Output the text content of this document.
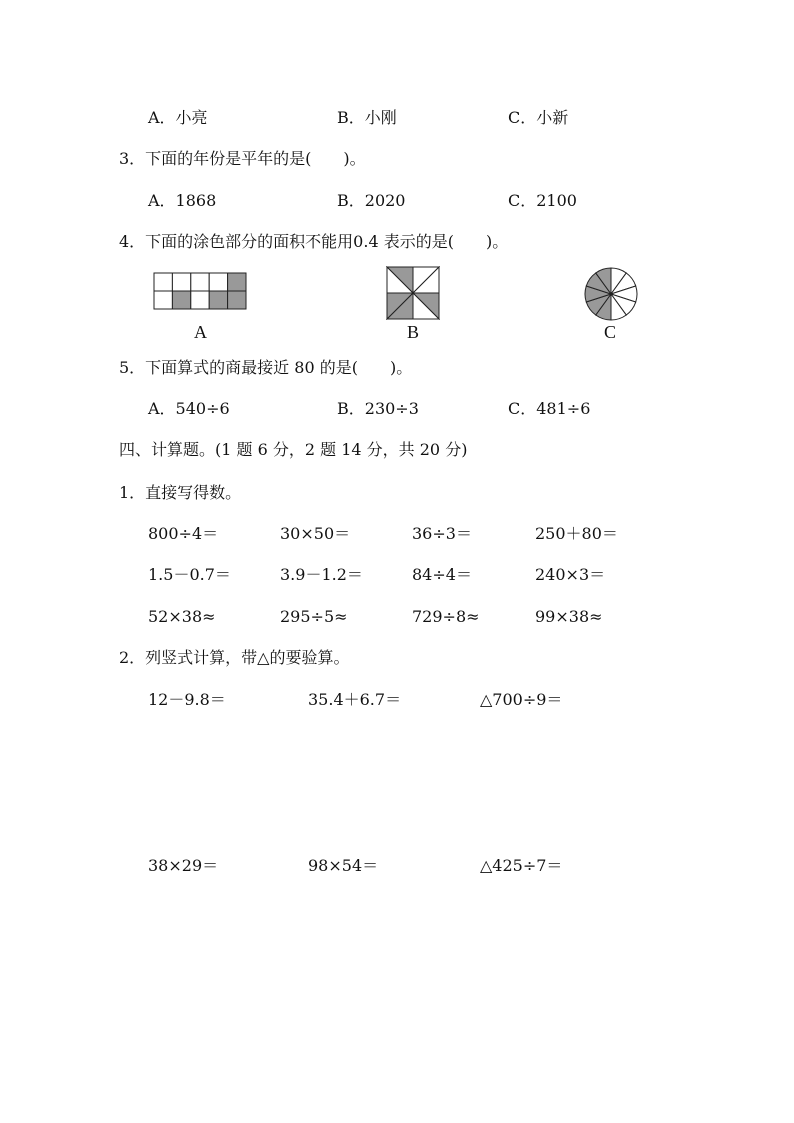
A．小亮	B．小刚	C．小新
3．下面的年份是平年的是(　　)。
A．1868	B．2020	C．2100
4．下面的涂色部分的面积不能用0.4 表示的是(　　)。
A	B	C
5．下面算式的商最接近 80 的是(　　)。
A．540÷6	B．230÷3	C．481÷6
四、计算题。(1 题 6 分，2 题 14 分，共 20 分)
1．直接写得数。
800÷4＝	30×50＝	36÷3＝	250＋80＝
1.5－0.7＝	3.9－1.2＝	84÷4＝	240×3＝
52×38≈	295÷5≈	729÷8≈	99×38≈
2．列竖式计算，带△的要验算。
12－9.8＝	35.4＋6.7＝	△700÷9＝
38×29＝	98×54＝	△425÷7＝
